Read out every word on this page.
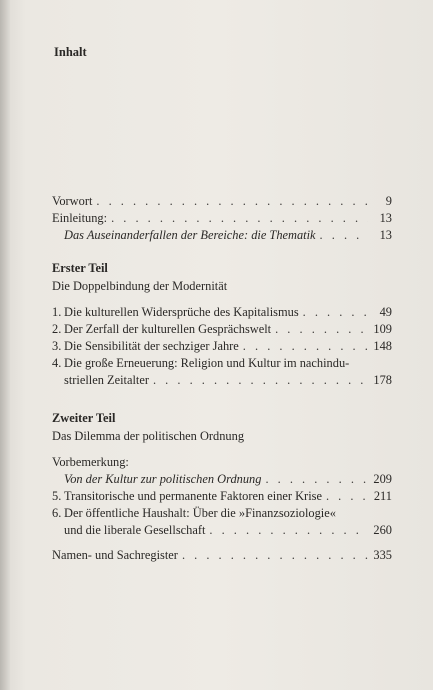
Inhalt
Vorwort . . .	9
Einleitung: . . .	13
Das Auseinanderfallen der Bereiche: die Thematik . . .	13
Erster Teil
Die Doppelbindung der Modernität
1. Die kulturellen Widersprüche des Kapitalismus . . .	49
2. Der Zerfall der kulturellen Gesprächswelt . . .	109
3. Die Sensibilität der sechziger Jahre . . .	148
4. Die große Erneuerung: Religion und Kultur im nachindu-
striellen Zeitalter . . .	178
Zweiter Teil
Das Dilemma der politischen Ordnung
Vorbemerkung:
Von der Kultur zur politischen Ordnung . . .	209
5. Transitorische und permanente Faktoren einer Krise . . .	211
6. Der öffentliche Haushalt: Über die »Finanzsoziologie«
und die liberale Gesellschaft . . .	260
Namen- und Sachregister . . .	335
